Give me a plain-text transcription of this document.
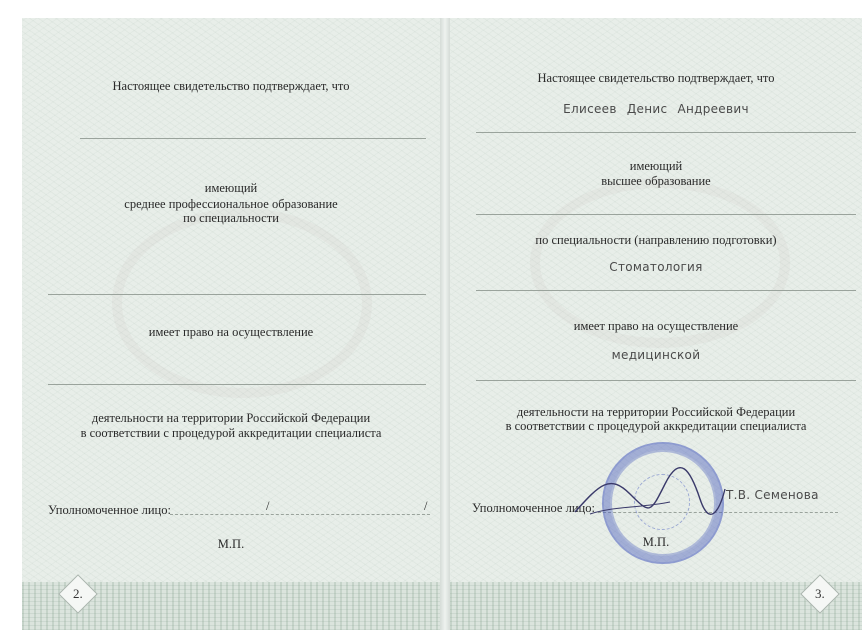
Настоящее свидетельство подтверждает, что
имеющий
среднее профессиональное образование
по специальности
имеет право на осуществление
деятельности на территории Российской Федерации
в соответствии с процедурой аккредитации специалиста
Уполномоченное лицо:	/	/
М.П.
2.
Настоящее свидетельство подтверждает, что
Елисеев Денис Андреевич
имеющий
высшее образование
по специальности (направлению подготовки)
Стоматология
имеет право на осуществление
медицинской
деятельности на территории Российской Федерации
в соответствии с процедурой аккредитации специалиста
Уполномоченное лицо:
Т.В. Семенова
М.П.
3.
